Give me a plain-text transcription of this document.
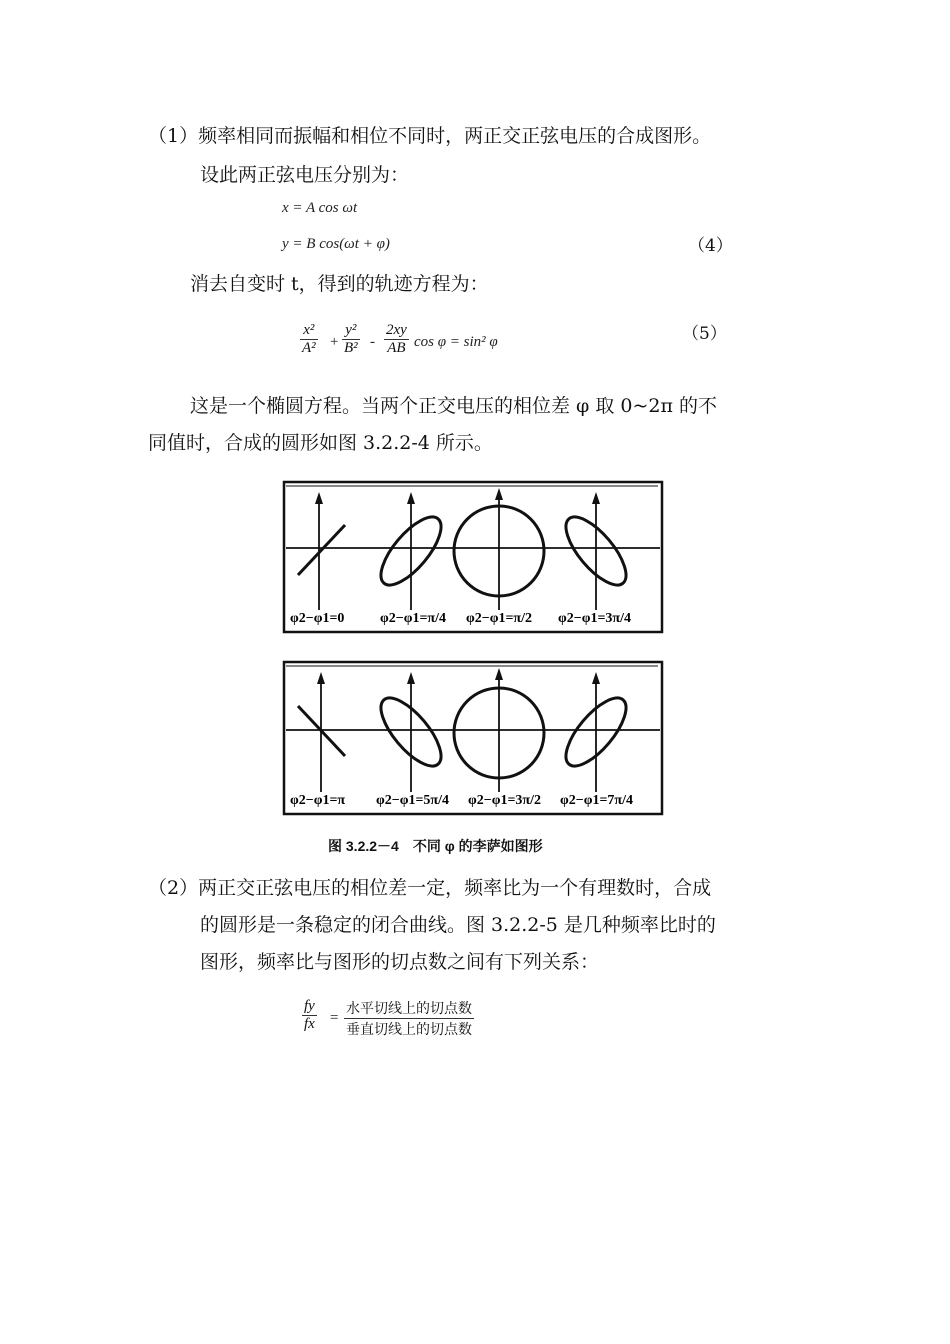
（1）频率相同而振幅和相位不同时，两正交正弦电压的合成图形。
设此两正弦电压分别为：
x = A cos ωt
y = B cos(ωt + φ)	（4）
消去自变时 t，得到的轨迹方程为：
$\frac{\text{x²}}{\text{A²}} + \frac{\text{y²}}{\text{B²}} - \frac{2xy}{AB}$ cos φ = sin² φ	（5）
这是一个椭圆方程。当两个正交电压的相位差 φ 取 0~2π 的不
同值时，合成的圆形如图 3.2.2-4 所示。
φ2−φ1=0	φ2−φ1=π/4 φ2−φ1=π/2 φ2−φ1=3π/4
φ2−φ1=π φ2−φ1=5π/4 φ2−φ1=3π/2 φ2−φ1=7π/4
图 3.2.2－4　不同 φ 的李萨如图形
（2）两正交正弦电压的相位差一定，频率比为一个有理数时，合成
的圆形是一条稳定的闭合曲线。图 3.2.2-5 是几种频率比时的
图形，频率比与图形的切点数之间有下列关系：
$\frac{fy}{fx}$ =
水平切线上的切点数
垂直切线上的切点数
